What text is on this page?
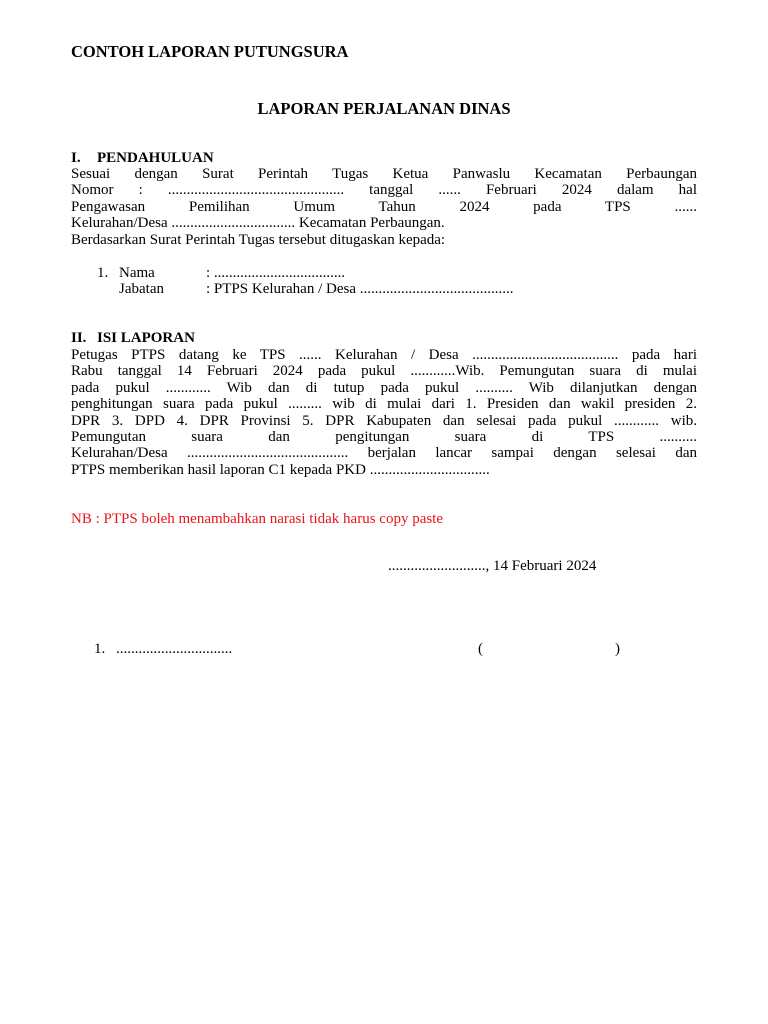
CONTOH LAPORAN PUTUNGSURA
LAPORAN PERJALANAN DINAS
I. PENDAHULUAN
Sesuai dengan Surat Perintah Tugas Ketua Panwaslu Kecamatan Perbaungan
Nomor : ............................................... tanggal ...... Februari 2024 dalam hal
Pengawasan Pemilihan Umum Tahun 2024 pada TPS ......
Kelurahan/Desa ................................. Kecamatan Perbaungan.
Berdasarkan Surat Perintah Tugas tersebut ditugaskan kepada:
1. Nama	: ...................................
Jabatan	: PTPS Kelurahan / Desa .........................................
II. ISI LAPORAN
Petugas PTPS datang ke TPS ...... Kelurahan / Desa ....................................... pada hari
Rabu tanggal 14 Februari 2024 pada pukul ............Wib. Pemungutan suara di mulai
pada pukul ............ Wib dan di tutup pada pukul .......... Wib dilanjutkan dengan
penghitungan suara pada pukul ......... wib di mulai dari 1. Presiden dan wakil presiden 2.
DPR 3. DPD 4. DPR Provinsi 5. DPR Kabupaten dan selesai pada pukul ............ wib.
Pemungutan suara dan pengitungan suara di TPS ..........
Kelurahan/Desa ........................................... berjalan lancar sampai dengan selesai dan
PTPS memberikan hasil laporan C1 kepada PKD ................................
NB : PTPS boleh menambahkan narasi tidak harus copy paste
.........................., 14 Februari 2024
1. ...............................	(	)
